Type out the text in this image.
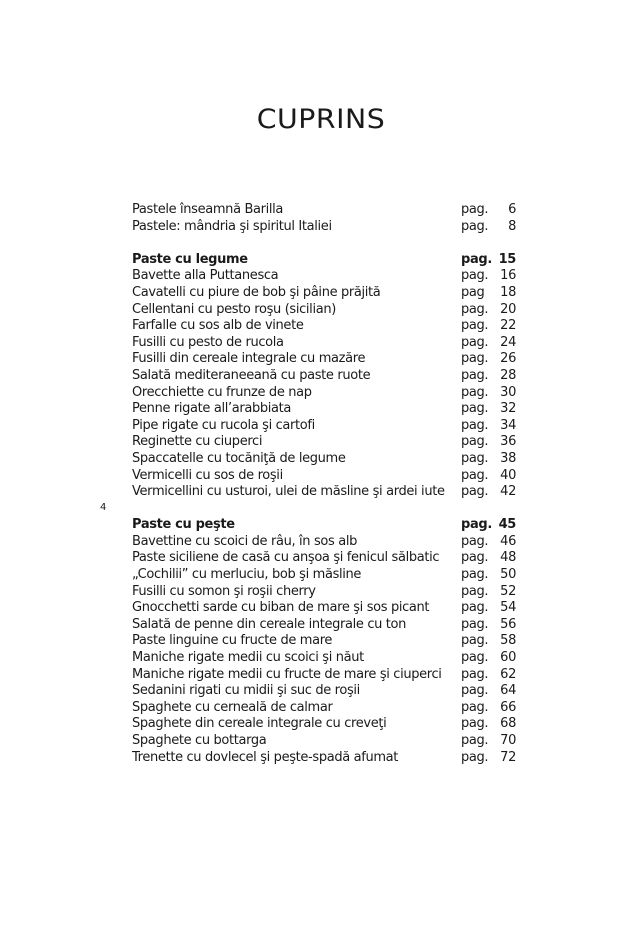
CUPRINS
Pastele înseamnă Barilla	pag.	6
Pastele: mândria şi spiritul Italiei	pag.	8
Paste cu legume	pag. 15
Bavette alla Puttanesca	pag. 16
Cavatelli cu piure de bob şi pâine prăjită	pag	18
Cellentani cu pesto roşu (sicilian)	pag. 20
Farfalle cu sos alb de vinete	pag. 22
Fusilli cu pesto de rucola	pag. 24
Fusilli din cereale integrale cu mazăre	pag. 26
Salată mediteraneeană cu paste ruote	pag. 28
Orecchiette cu frunze de nap	pag. 30
Penne rigate all’arabbiata	pag. 32
Pipe rigate cu rucola şi cartofi	pag. 34
Reginette cu ciuperci	pag. 36
Spaccatelle cu tocăniţă de legume	pag. 38
Vermicelli cu sos de roşii	pag. 40
Vermicellini cu usturoi, ulei de măsline şi ardei iute pag. 42
Paste cu peşte	pag. 45
Bavettine cu scoici de râu, în sos alb	pag. 46
Paste siciliene de casă cu anşoa şi fenicul sălbatic pag. 48
„Cochilii” cu merluciu, bob şi măsline	pag. 50
Fusilli cu somon şi roşii cherry	pag. 52
Gnocchetti sarde cu biban de mare şi sos picant pag. 54
Salată de penne din cereale integrale cu ton	pag. 56
Paste linguine cu fructe de mare	pag. 58
Maniche rigate medii cu scoici şi năut	pag. 60
Maniche rigate medii cu fructe de mare şi ciuperci pag. 62
Sedanini rigati cu midii şi suc de roşii	pag. 64
Spaghete cu cerneală de calmar	pag. 66
Spaghete din cereale integrale cu creveţi	pag. 68
Spaghete cu bottarga	pag. 70
Trenette cu dovlecel şi peşte-spadă afumat	pag. 72
4
